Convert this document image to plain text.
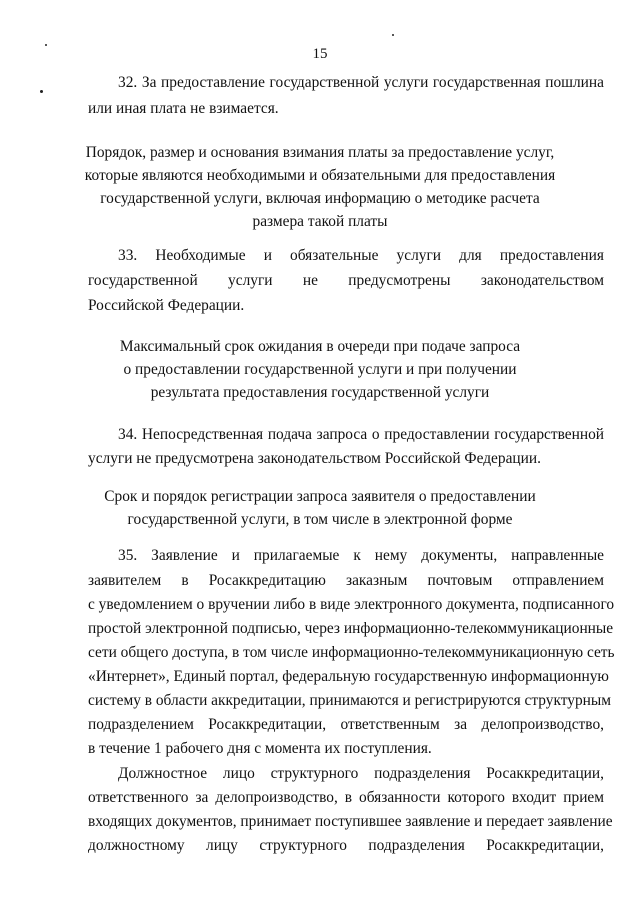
15
32. За предоставление государственной услуги государственная пошлина
или иная плата не взимается.
Порядок, размер и основания взимания платы за предоставление услуг,
которые являются необходимыми и обязательными для предоставления
государственной услуги, включая информацию о методике расчета
размера такой платы
33. Необходимые и обязательные услуги для предоставления
государственной услуги не предусмотрены законодательством
Российской Федерации.
Максимальный срок ожидания в очереди при подаче запроса
о предоставлении государственной услуги и при получении
результата предоставления государственной услуги
34. Непосредственная подача запроса о предоставлении государственной
услуги не предусмотрена законодательством Российской Федерации.
Срок и порядок регистрации запроса заявителя о предоставлении
государственной услуги, в том числе в электронной форме
35. Заявление и прилагаемые к нему документы, направленные
заявителем в Росаккредитацию заказным почтовым отправлением
с уведомлением о вручении либо в виде электронного документа, подписанного
простой электронной подписью, через информационно-телекоммуникационные
сети общего доступа, в том числе информационно-телекоммуникационную сеть
«Интернет», Единый портал, федеральную государственную информационную
систему в области аккредитации, принимаются и регистрируются структурным
подразделением Росаккредитации, ответственным за делопроизводство,
в течение 1 рабочего дня с момента их поступления.
Должностное лицо структурного подразделения Росаккредитации,
ответственного за делопроизводство, в обязанности которого входит прием
входящих документов, принимает поступившее заявление и передает заявление
должностному лицу структурного подразделения Росаккредитации,
